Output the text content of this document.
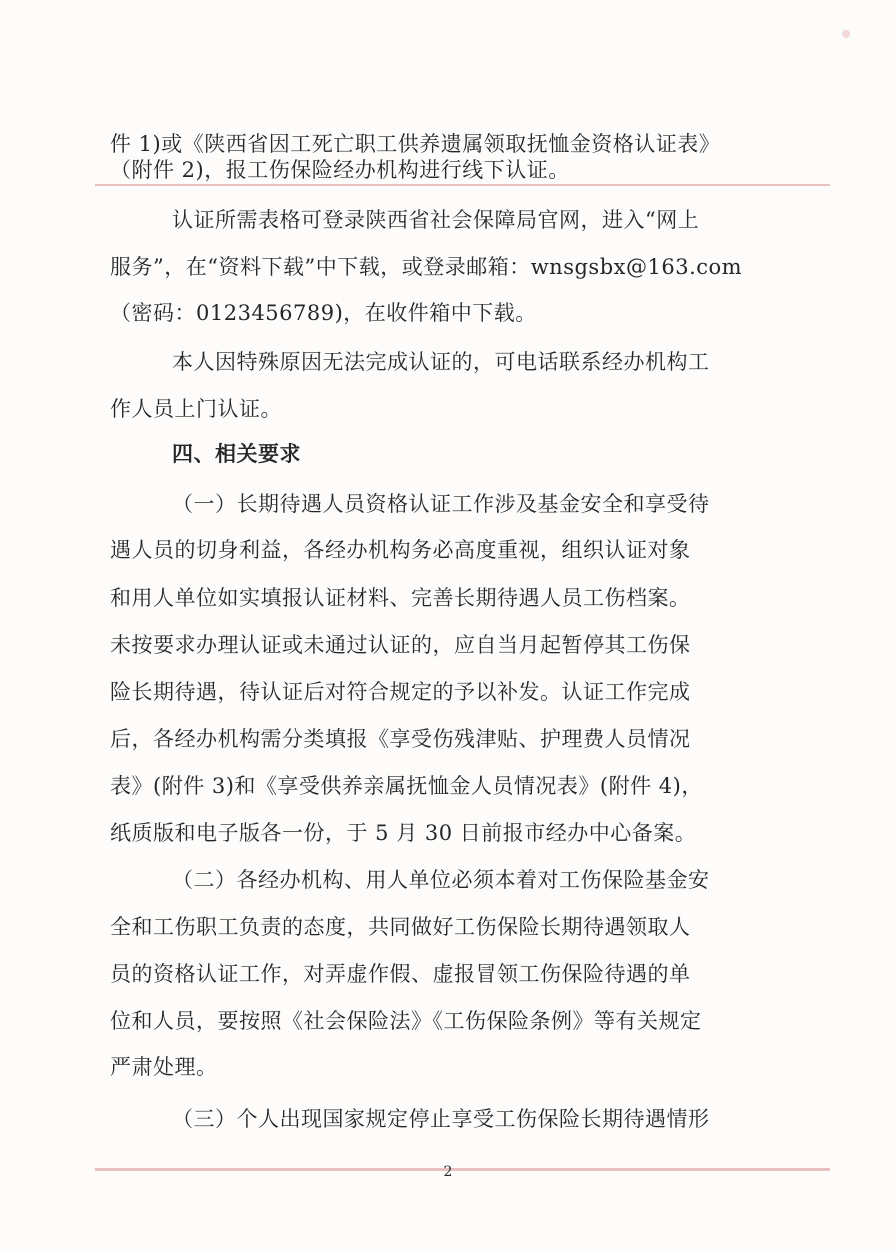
件 1)或《陕西省因工死亡职工供养遗属领取抚恤金资格认证表》
（附件 2)，报工伤保险经办机构进行线下认证。
认证所需表格可登录陕西省社会保障局官网，进入“网上
服务”，在“资料下载”中下载，或登录邮箱：wnsgsbx@163.com
（密码：0123456789)，在收件箱中下载。
本人因特殊原因无法完成认证的，可电话联系经办机构工
作人员上门认证。
四、相关要求
（一）长期待遇人员资格认证工作涉及基金安全和享受待
遇人员的切身利益，各经办机构务必高度重视，组织认证对象
和用人单位如实填报认证材料、完善长期待遇人员工伤档案。
未按要求办理认证或未通过认证的，应自当月起暂停其工伤保
险长期待遇，待认证后对符合规定的予以补发。认证工作完成
后，各经办机构需分类填报《享受伤残津贴、护理费人员情况
表》(附件 3)和《享受供养亲属抚恤金人员情况表》(附件 4)，
纸质版和电子版各一份，于 5 月 30 日前报市经办中心备案。
（二）各经办机构、用人单位必须本着对工伤保险基金安
全和工伤职工负责的态度，共同做好工伤保险长期待遇领取人
员的资格认证工作，对弄虚作假、虚报冒领工伤保险待遇的单
位和人员，要按照《社会保险法》《工伤保险条例》等有关规定
严肃处理。
（三）个人出现国家规定停止享受工伤保险长期待遇情形
2
